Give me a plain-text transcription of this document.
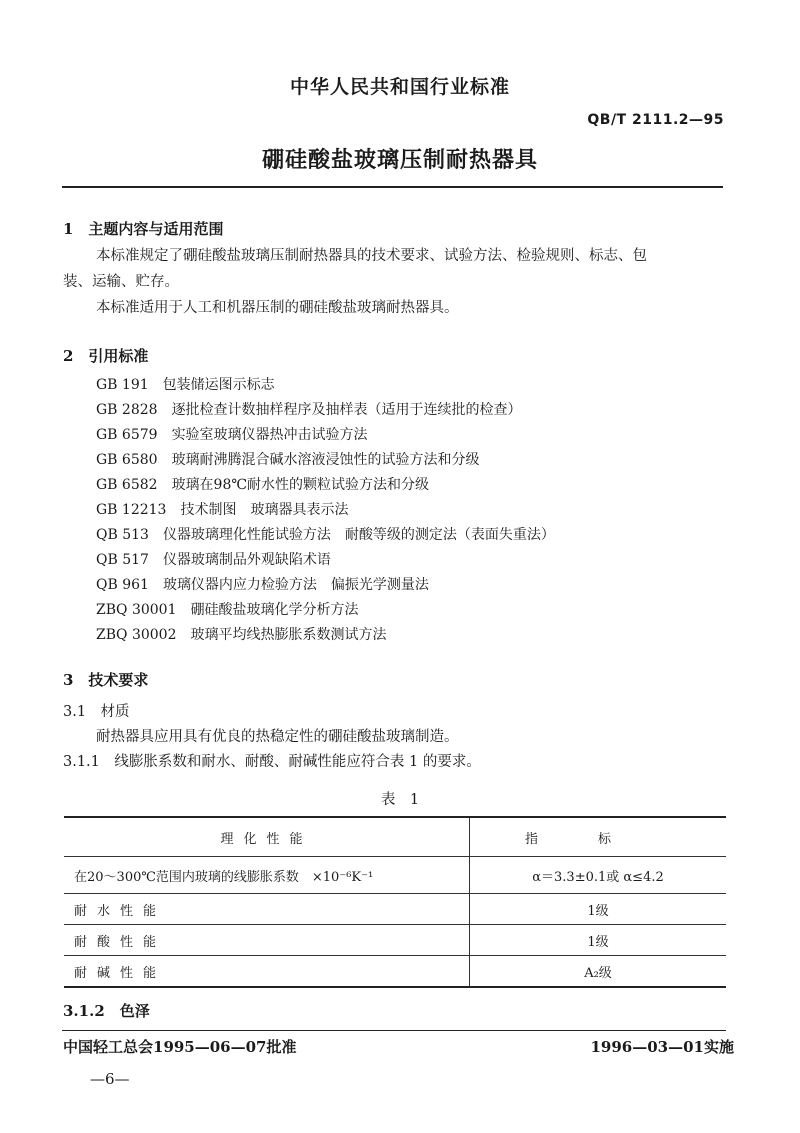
中华人民共和国行业标准
QB/T 2111.2—95
硼硅酸盐玻璃压制耐热器具
1　主题内容与适用范围
本标准规定了硼硅酸盐玻璃压制耐热器具的技术要求、试验方法、检验规则、标志、包
装、运输、贮存。
本标准适用于人工和机器压制的硼硅酸盐玻璃耐热器具。
2　引用标准
GB 191　 包装储运图示标志
GB 2828　 逐批检查计数抽样程序及抽样表（适用于连续批的检查）
GB 6579　 实验室玻璃仪器热冲击试验方法
GB 6580　 玻璃耐沸腾混合碱水溶液浸蚀性的试验方法和分级
GB 6582　 玻璃在98℃耐水性的颗粒试验方法和分级
GB 12213　 技术制图　玻璃器具表示法
QB 513　 仪器玻璃理化性能试验方法　耐酸等级的测定法（表面失重法）
QB 517　 仪器玻璃制品外观缺陷术语
QB 961　 玻璃仪器内应力检验方法　偏振光学测量法
ZBQ 30001　 硼硅酸盐玻璃化学分析方法
ZBQ 30002　 玻璃平均线热膨胀系数测试方法
3　技术要求
3.1　材质
耐热器具应用具有优良的热稳定性的硼硅酸盐玻璃制造。
3.1.1　线膨胀系数和耐水、耐酸、耐碱性能应符合表 1 的要求。
表　1
理化性能	指标
在20～300℃范围内玻璃的线膨胀系数　×10⁻⁶K⁻¹	α＝3.3±0.1或 α≤4.2
耐水性能	1级
耐酸性能	1级
耐碱性能	A₂级
3.1.2　色泽
中国轻工总会1995—06—07批准	1996—03—01实施
—6—
